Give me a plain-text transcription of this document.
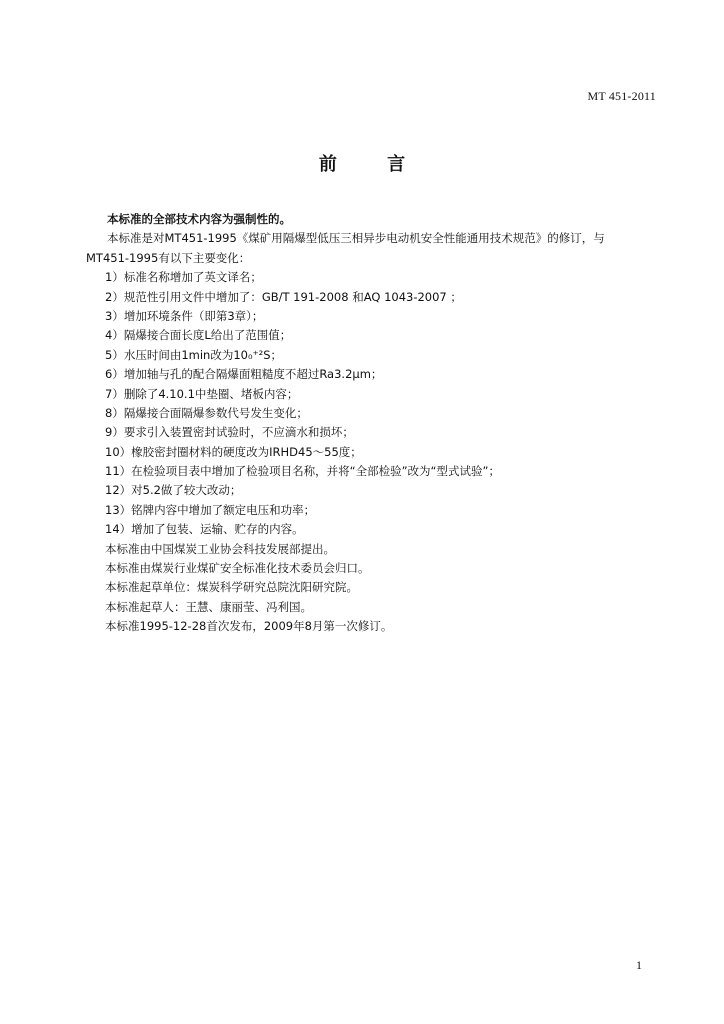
MT 451-2011
前 言
本标准的全部技术内容为强制性的。
本标准是对MT451-1995《煤矿用隔爆型低压三相异步电动机安全性能通用技术规范》的修订，与
MT451-1995有以下主要变化：
1）标准名称增加了英文译名；
2）规范性引用文件中增加了：GB/T 191-2008 和AQ 1043-2007 ；
3）增加环境条件（即第3章）；
4）隔爆接合面长度L给出了范围值；
5）水压时间由1min改为10₀⁺²S；
6）增加轴与孔的配合隔爆面粗糙度不超过Ra3.2μm；
7）删除了4.10.1中垫圈、堵板内容；
8）隔爆接合面隔爆参数代号发生变化；
9）要求引入装置密封试验时，不应滴水和损坏；
10）橡胶密封圈材料的硬度改为IRHD45～55度；
11）在检验项目表中增加了检验项目名称，并将“全部检验”改为“型式试验”；
12）对5.2做了较大改动；
13）铭牌内容中增加了额定电压和功率；
14）增加了包装、运输、贮存的内容。
本标准由中国煤炭工业协会科技发展部提出。
本标准由煤炭行业煤矿安全标准化技术委员会归口。
本标准起草单位：煤炭科学研究总院沈阳研究院。
本标准起草人：王慧、康丽莹、冯利国。
本标准1995-12-28首次发布，2009年8月第一次修订。
1
